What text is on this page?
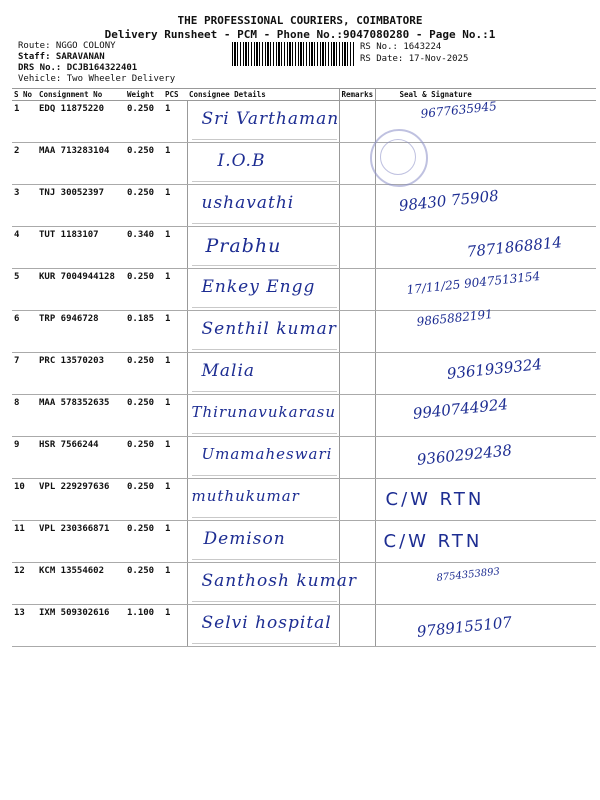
THE PROFESSIONAL COURIERS, COIMBATORE
Delivery Runsheet - PCM - Phone No.:9047080280 - Page No.:1
Route: NGGO COLONY
Staff: SARAVANAN
DRS No.: DCJB164322401
Vehicle: Two Wheeler Delivery
RS No.: 1643224
RS Date: 17-Nov-2025
S No	Consignment No	Weight	PCS	Consignee Details	Remarks	Seal & Signature
1	EDQ 11875220	0.250	1	Sri Varthaman		9677635945

2	MAA 713283104	0.250	1	I.O.B		

3	TNJ 30052397	0.250	1	ushavathi		98430 75908

4	TUT 1183107	0.340	1	Prabhu		7871868814

5	KUR 7004944128	0.250	1	Enkey Engg		17/11/25 9047513154

6	TRP 6946728	0.185	1	Senthil kumar		9865882191

7	PRC 13570203	0.250	1	Malia		9361939324

8	MAA 578352635	0.250	1	Thirunavukarasu		9940744924

9	HSR 7566244	0.250	1	Umamaheswari		9360292438

10	VPL 229297636	0.250	1	muthukumar		C/W RTN

11	VPL 230366871	0.250	1	Demison		C/W RTN

12	KCM 13554602	0.250	1	Santhosh kumar		8754353893

13	IXM 509302616	1.100	1	Selvi hospital		9789155107
